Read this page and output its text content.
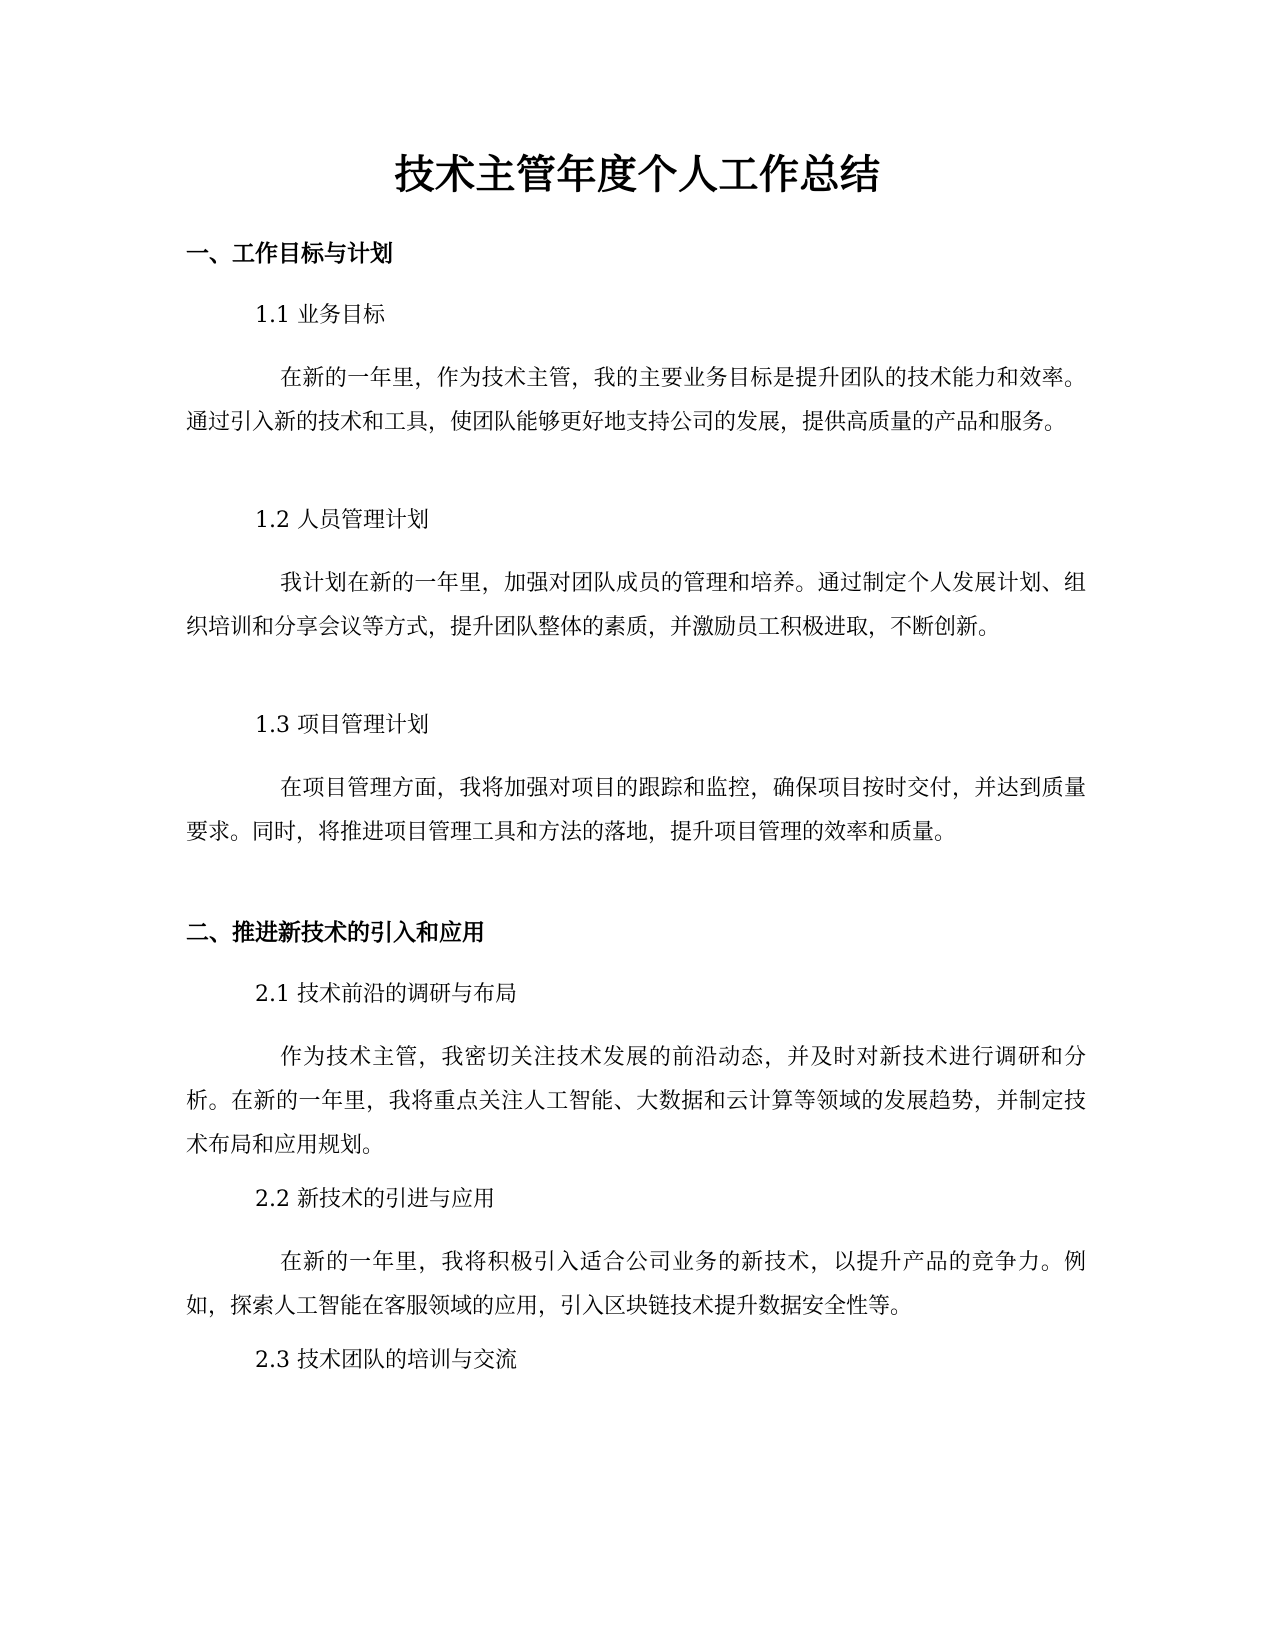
技术主管年度个人工作总结
一、工作目标与计划

1.1 业务目标

在新的一年里，作为技术主管，我的主要业务目标是提升团队的技术能力和效率。通过引入新的技术和工具，使团队能够更好地支持公司的发展，提供高质量的产品和服务。

1.2 人员管理计划

我计划在新的一年里，加强对团队成员的管理和培养。通过制定个人发展计划、组织培训和分享会议等方式，提升团队整体的素质，并激励员工积极进取，不断创新。

1.3 项目管理计划

在项目管理方面，我将加强对项目的跟踪和监控，确保项目按时交付，并达到质量要求。同时，将推进项目管理工具和方法的落地，提升项目管理的效率和质量。

二、推进新技术的引入和应用

2.1 技术前沿的调研与布局

作为技术主管，我密切关注技术发展的前沿动态，并及时对新技术进行调研和分析。在新的一年里，我将重点关注人工智能、大数据和云计算等领域的发展趋势，并制定技术布局和应用规划。

2.2 新技术的引进与应用

在新的一年里，我将积极引入适合公司业务的新技术，以提升产品的竞争力。例如，探索人工智能在客服领域的应用，引入区块链技术提升数据安全性等。

2.3 技术团队的培训与交流
